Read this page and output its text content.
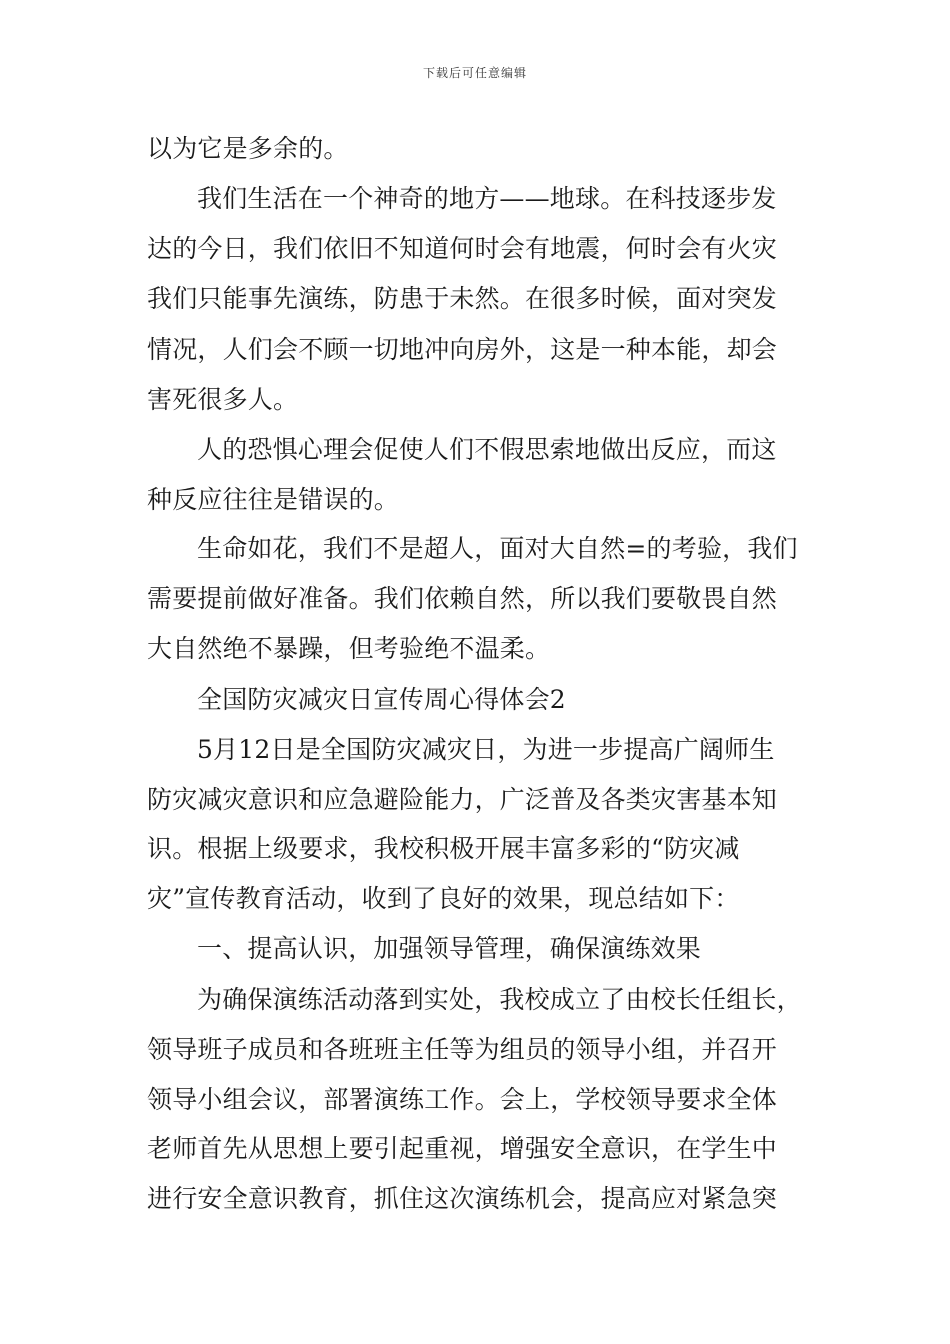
下载后可任意编辑
以为它是多余的。
我们生活在一个神奇的地方——地球。在科技逐步发
达的今日，我们依旧不知道何时会有地震，何时会有火灾
我们只能事先演练，防患于未然。在很多时候，面对突发
情况，人们会不顾一切地冲向房外，这是一种本能，却会
害死很多人。
人的恐惧心理会促使人们不假思索地做出反应，而这
种反应往往是错误的。
生命如花，我们不是超人，面对大自然=的考验，我们
需要提前做好准备。我们依赖自然，所以我们要敬畏自然
大自然绝不暴躁，但考验绝不温柔。
全国防灾减灾日宣传周心得体会2
5月12日是全国防灾减灾日，为进一步提高广阔师生
防灾减灾意识和应急避险能力，广泛普及各类灾害基本知
识。根据上级要求，我校积极开展丰富多彩的“防灾减
灾”宣传教育活动，收到了良好的效果，现总结如下：
一、提高认识，加强领导管理，确保演练效果
为确保演练活动落到实处，我校成立了由校长任组长，
领导班子成员和各班班主任等为组员的领导小组，并召开
领导小组会议，部署演练工作。会上，学校领导要求全体
老师首先从思想上要引起重视，增强安全意识，在学生中
进行安全意识教育，抓住这次演练机会，提高应对紧急突
